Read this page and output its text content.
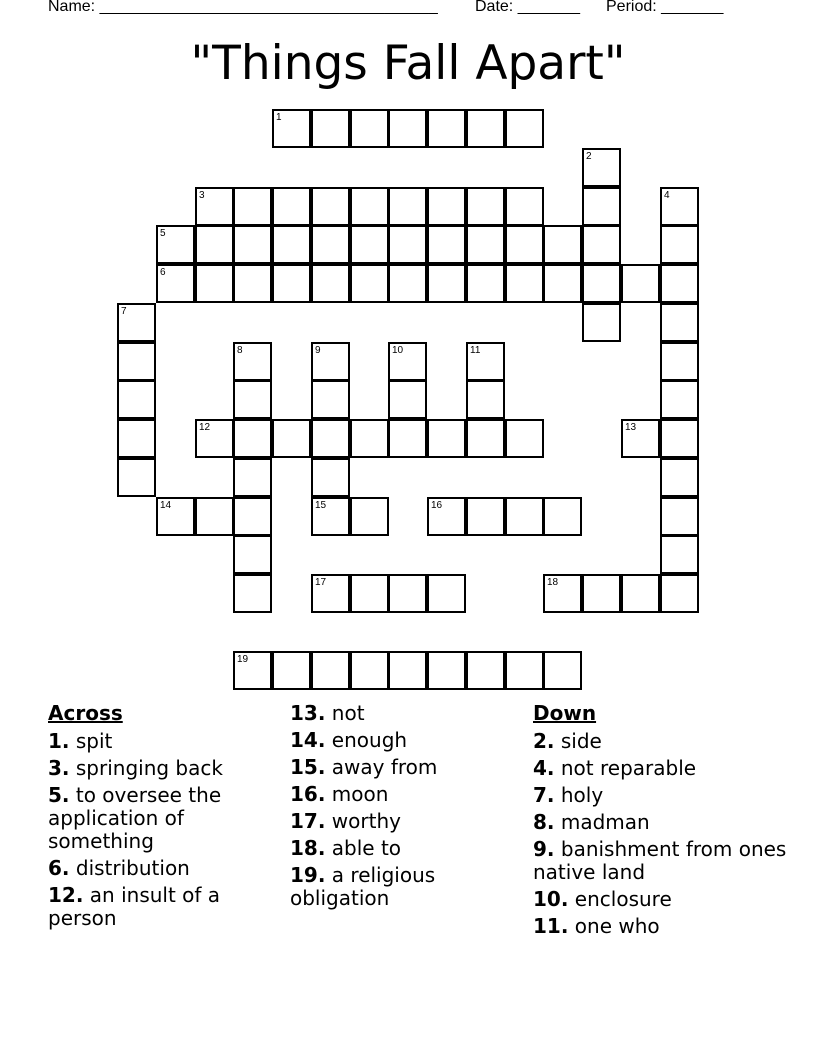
Name: ______________________________________ Date: _______ Period: _______
"Things Fall Apart"
1
2
3	4
5
6
7
8	9
15
10	11
12	13
14	16
17	18
19
Across
1. spit
3. springing back
5. to oversee the application of something
6. distribution
12. an insult of a person
13. not
14. enough
15. away from
16. moon
17. worthy
18. able to
19. a religious obligation
Down
2. side
4. not reparable
7. holy
8. madman
9. banishment from ones native land
10. enclosure
11. one who
